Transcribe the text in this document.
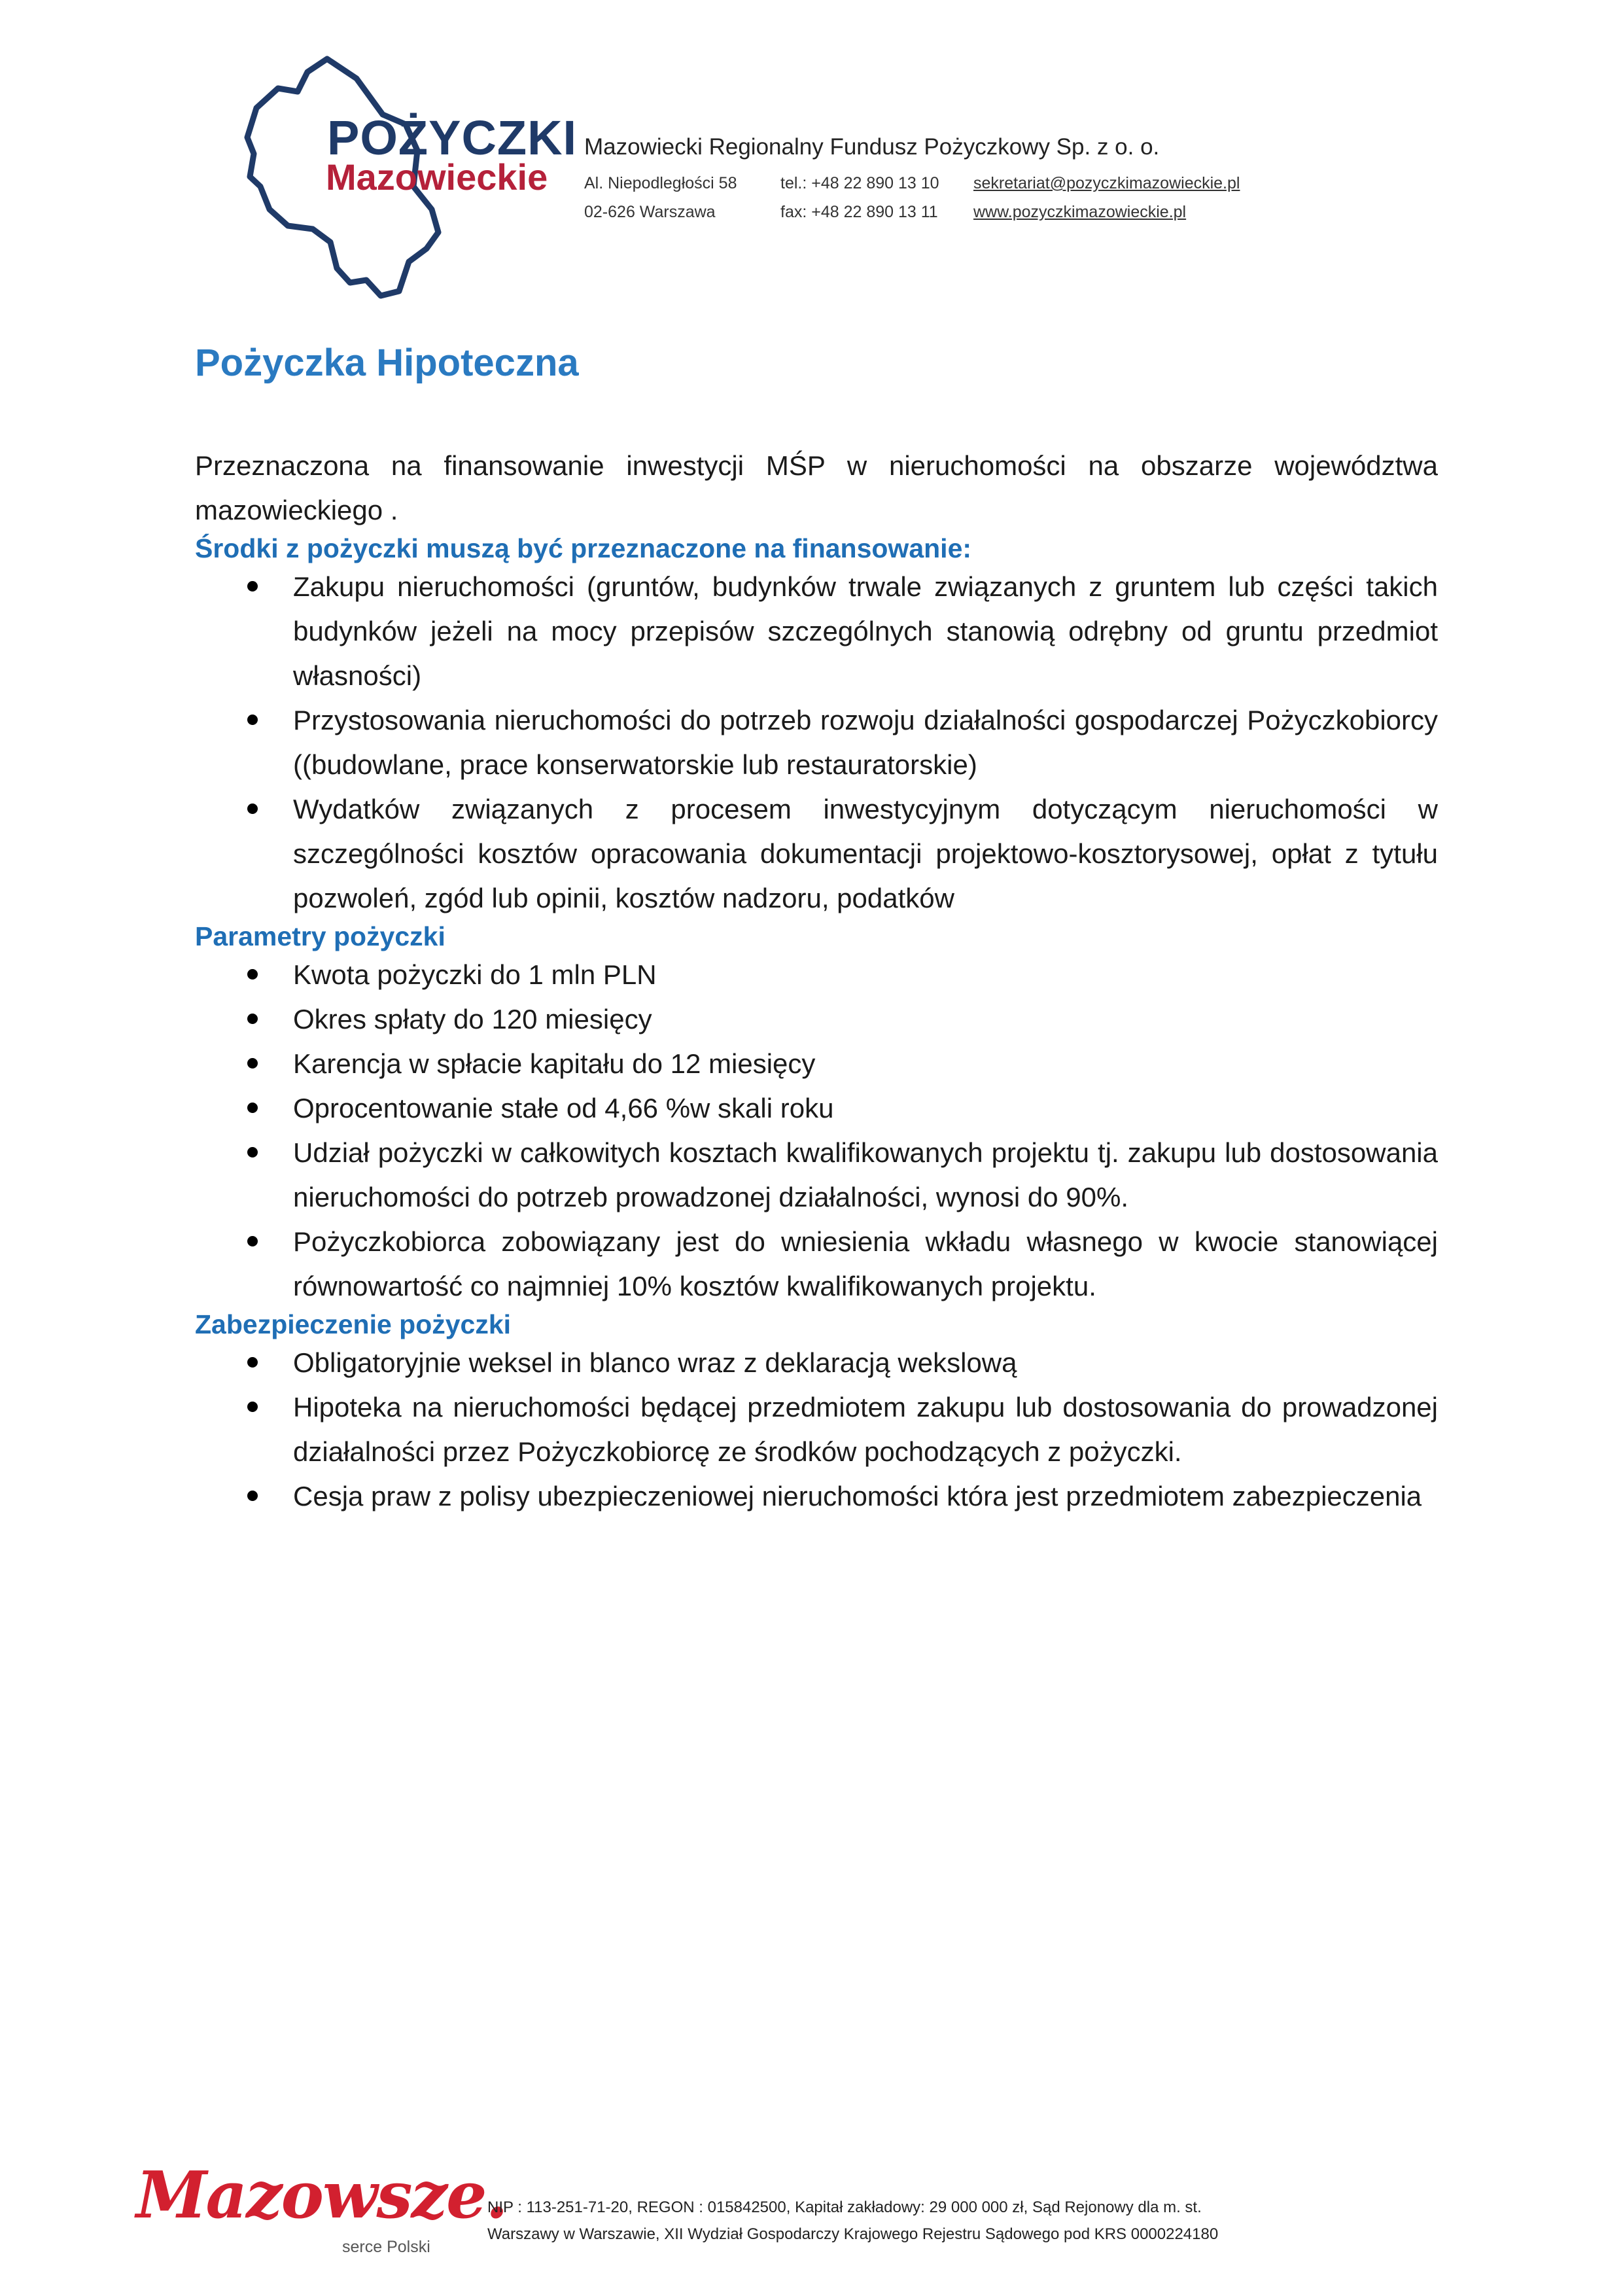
POŻYCZKI
Mazowieckie
Mazowiecki Regionalny Fundusz Pożyczkowy Sp. z o. o.
Al. Niepodległości 58	tel.: +48 22 890 13 10 sekretariat@pozyczkimazowieckie.pl
02-626 Warszawa	fax: +48 22 890 13 11 www.pozyczkimazowieckie.pl
Pożyczka Hipoteczna

Przeznaczona na finansowanie inwestycji MŚP w nieruchomości na obszarze województwa mazowieckiego .

Środki z pożyczki muszą być przeznaczone na finansowanie:
Zakupu nieruchomości (gruntów, budynków trwale związanych z gruntem lub części takich budynków jeżeli na mocy przepisów szczególnych stanowią odrębny od gruntu przedmiot własności)
Przystosowania nieruchomości do potrzeb rozwoju działalności gospodarczej Pożyczkobiorcy ((budowlane, prace konserwatorskie lub restauratorskie)
Wydatków związanych z procesem inwestycyjnym dotyczącym nieruchomości w szczególności kosztów opracowania dokumentacji projektowo-kosztorysowej, opłat z tytułu pozwoleń, zgód lub opinii, kosztów nadzoru, podatków
Parametry pożyczki
Kwota pożyczki do 1 mln PLN
Okres spłaty do 120 miesięcy
Karencja w spłacie kapitału do 12 miesięcy
Oprocentowanie stałe od 4,66 %w skali roku
Udział pożyczki w całkowitych kosztach kwalifikowanych projektu tj. zakupu lub dostosowania nieruchomości do potrzeb prowadzonej działalności, wynosi do 90%.
Pożyczkobiorca zobowiązany jest do wniesienia wkładu własnego w kwocie stanowiącej równowartość co najmniej 10% kosztów kwalifikowanych projektu.
Zabezpieczenie pożyczki
Obligatoryjnie weksel in blanco wraz z deklaracją wekslową
Hipoteka na nieruchomości będącej przedmiotem zakupu lub dostosowania do prowadzonej działalności przez Pożyczkobiorcę ze środków pochodzących z pożyczki.
Cesja praw z polisy ubezpieczeniowej nieruchomości która jest przedmiotem zabezpieczenia
Mazowsze.
serce Polski
NIP : 113-251-71-20, REGON : 015842500, Kapitał zakładowy: 29 000 000 zł, Sąd Rejonowy dla m. st.
Warszawy w Warszawie, XII Wydział Gospodarczy Krajowego Rejestru Sądowego pod KRS 0000224180
